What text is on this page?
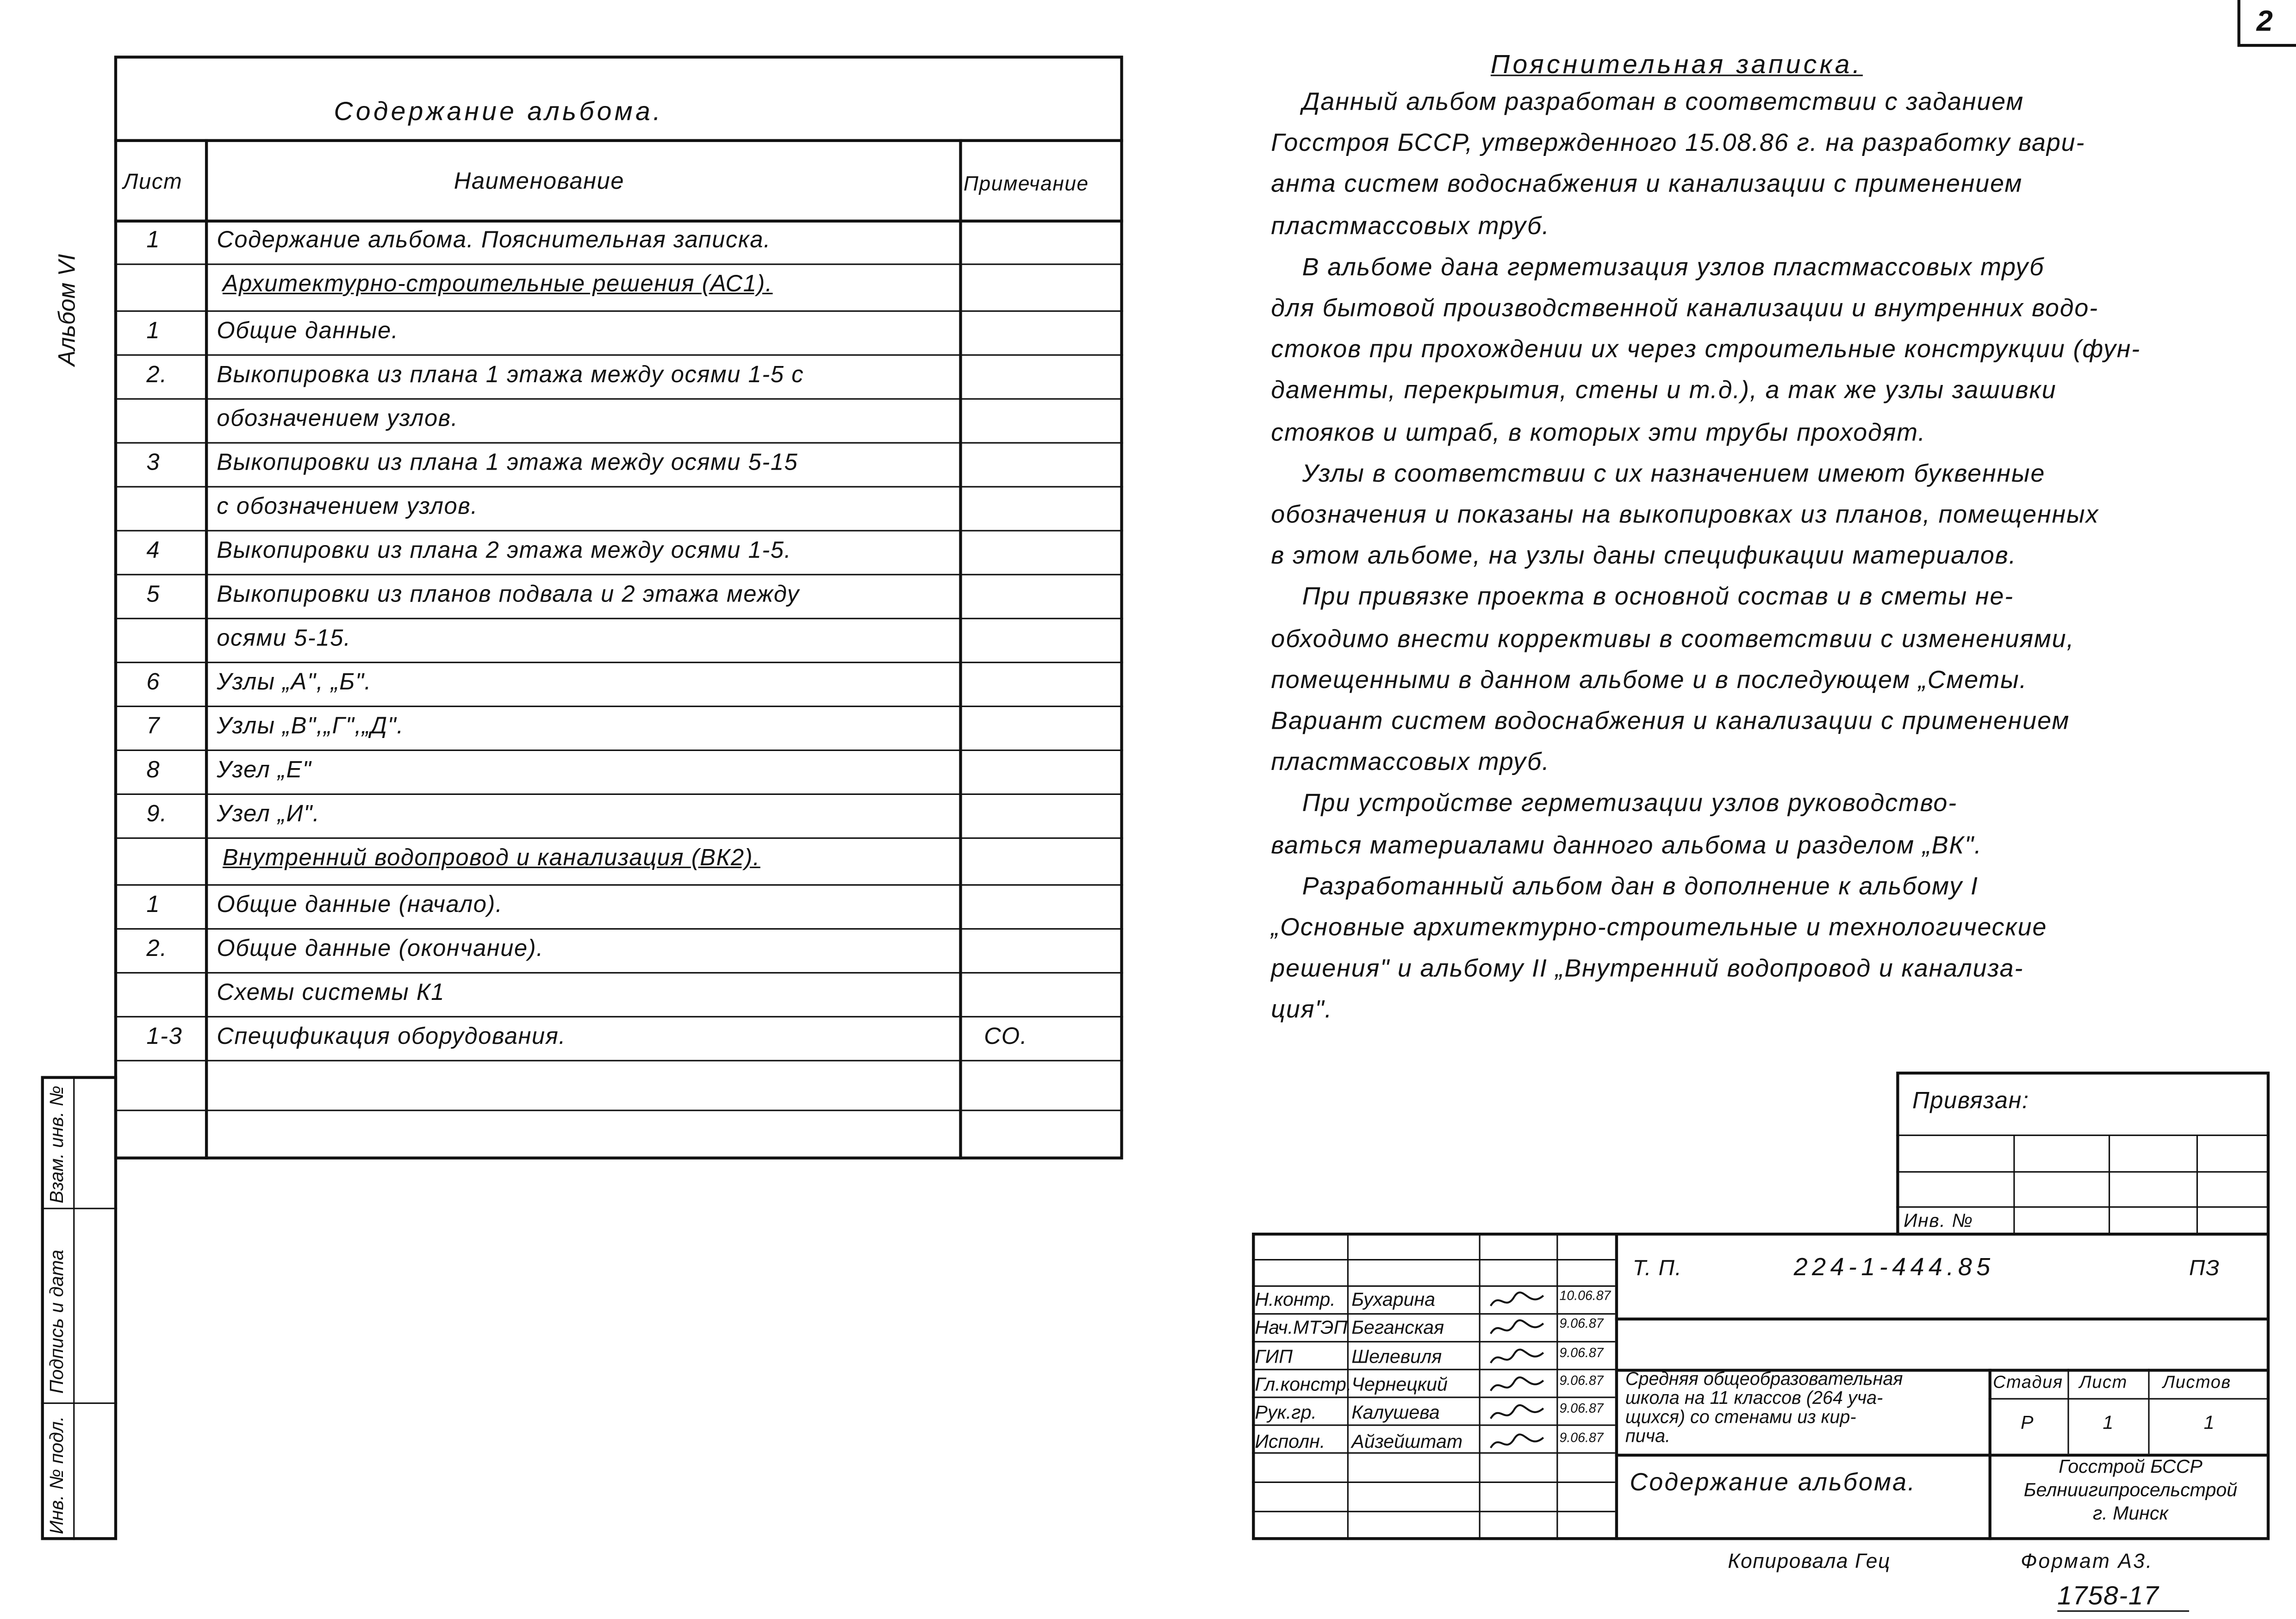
2
Альбом VI
Содержание альбома.
Лист	Наименование	Примечание
1	Содержание альбома. Пояснительная записка.
Архитектурно-строительные решения (АС1).
1	Общие данные.
2.	Выкопировка из плана 1 этажа между осями 1-5 с
обозначением узлов.
3	Выкопировки из плана 1 этажа между осями 5-15
с обозначением узлов.
4	Выкопировки из плана 2 этажа между осями 1-5.
5	Выкопировки из планов подвала и 2 этажа между
осями 5-15.
6	Узлы „А", „Б".
7	Узлы „В",„Г",„Д".
8	Узел „Е"
9.	Узел „И".
Внутренний водопровод и канализация (ВК2).
1	Общие данные (начало).
2.	Общие данные (окончание).
Схемы системы К1
1-3	Спецификация оборудования.	СО.
Пояснительная записка.
Данный альбом разработан в соответствии с заданием
Госстроя БССР, утвержденного 15.08.86 г. на разработку вари-
анта систем водоснабжения и канализации с применением
пластмассовых труб.
В альбоме дана герметизация узлов пластмассовых труб
для бытовой производственной канализации и внутренних водо-
стоков при прохождении их через строительные конструкции (фун-
даменты, перекрытия, стены и т.д.), а так же узлы зашивки
стояков и штраб, в которых эти трубы проходят.
Узлы в соответствии с их назначением имеют буквенные
обозначения и показаны на выкопировках из планов, помещенных
в этом альбоме, на узлы даны спецификации материалов.
При привязке проекта в основной состав и в сметы не-
обходимо внести коррективы в соответствии с изменениями,
помещенными в данном альбоме и в последующем „Сметы.
Вариант систем водоснабжения и канализации с применением
пластмассовых труб.
При устройстве герметизации узлов руководство-
ваться материалами данного альбома и разделом „ВК".
Разработанный альбом дан в дополнение к альбому I
„Основные архитектурно-строительные и технологические
решения" и альбому II „Внутренний водопровод и канализа-
ция".
Привязан:
Инв. №
Взам. инв. №
Подпись и дата
Инв. № подл.
Н.контр.	Бухарина	10.06.87
Нач.МТЭП Беганская	9.06.87
ГИП	Шелевиля	9.06.87
Гл.констр. Чернецкий	9.06.87
Рук.гр.	Калушева	9.06.87
Исполн.	Айзейштат	9.06.87
Т. П.	224-1-444.85	ПЗ
Средняя общеобразовательная
школа на 11 классов (264 уча-
щихся) со стенами из кир-
пича.
Стадия	Лист	Листов
Р	1	1
Содержание альбома.
Госстрой БССР
Белниигипросельстрой
г. Минск
Копировала Гец	Формат А3.
1758-17
